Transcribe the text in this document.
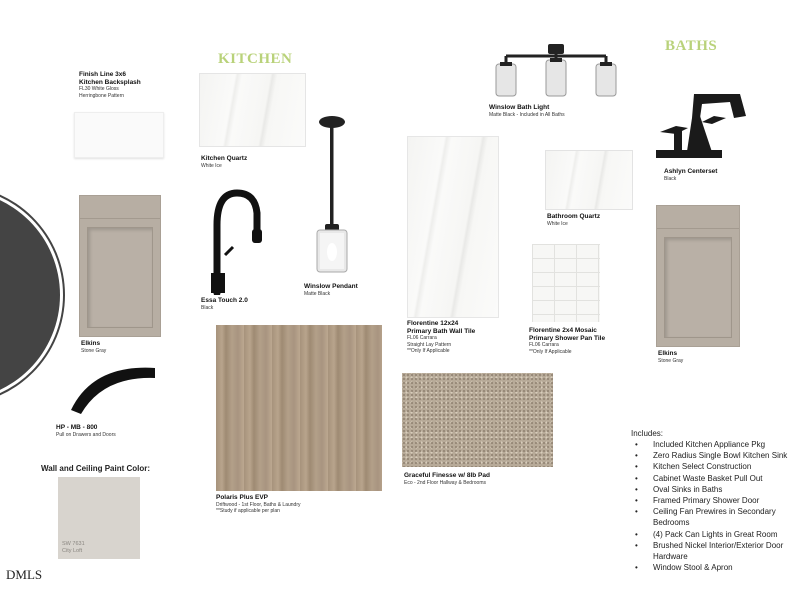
KITCHEN
BATHS
Finish Line 3x6
Kitchen Backsplash
FL30 White Gloss
Herringbone Pattern
Kitchen Quartz
White Ice
Essa Touch 2.0
Black
Winslow Pendant
Matte Black
Winslow Bath Light
Matte Black - Included in All Baths
Ashlyn Centerset
Black
Bathroom Quartz
White Ice
Florentine 12x24
Primary Bath Wall Tile
FL06 Carrara
Straight Lay Pattern
**Only If Applicable
Florentine 2x4 Mosaic
Primary Shower Pan Tile
FL06 Carrara
**Only If Applicable
Elkins
Stone Gray	Elkins
Stone Gray
HP - MB - 800
Pull on Drawers and Doors
Wall and Ceiling Paint Color:
SW 7631
City Loft
Polaris Plus EVP
Driftwood - 1st Floor, Baths & Laundry
**Study if applicable per plan
Graceful Finesse w/ 8lb Pad
Eco - 2nd Floor Hallway & Bedrooms
Includes:
• Included Kitchen Appliance Pkg
• Zero Radius Single Bowl Kitchen Sink
• Kitchen Select Construction
• Cabinet Waste Basket Pull Out
• Oval Sinks in Baths
• Framed Primary Shower Door
• Ceiling Fan Prewires in Secondary Bedrooms
• (4) Pack Can Lights in Great Room
• Brushed Nickel Interior/Exterior Door Hardware
• Window Stool & Apron
DMLS
